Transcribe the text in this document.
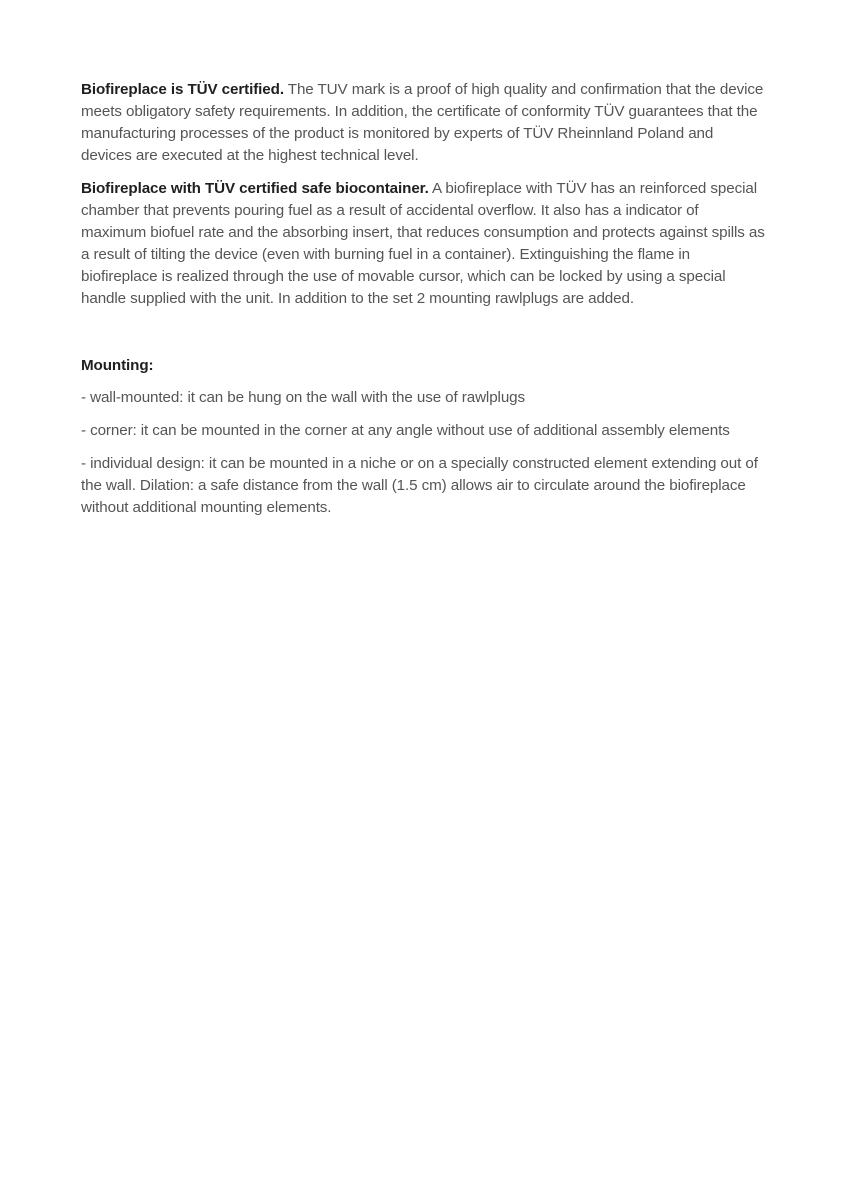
Biofireplace is TÜV certified. The TUV mark is a proof of high quality and confirmation that the device meets obligatory safety requirements. In addition, the certificate of conformity TÜV guarantees that the manufacturing processes of the product is monitored by experts of TÜV Rheinnland Poland and devices are executed at the highest technical level.

Biofireplace with TÜV certified safe biocontainer. A biofireplace with TÜV has an reinforced special chamber that prevents pouring fuel as a result of accidental overflow. It also has a indicator of maximum biofuel rate and the absorbing insert, that reduces consumption and protects against spills as a result of tilting the device (even with burning fuel in a container). Extinguishing the flame in biofireplace is realized through the use of movable cursor, which can be locked by using a special handle supplied with the unit. In addition to the set 2 mounting rawlplugs are added.

Mounting:

- wall-mounted: it can be hung on the wall with the use of rawlplugs

- corner: it can be mounted in the corner at any angle without use of additional assembly elements

- individual design: it can be mounted in a niche or on a specially constructed element extending out of the wall. Dilation: a safe distance from the wall (1.5 cm) allows air to circulate around the biofireplace without additional mounting elements.
